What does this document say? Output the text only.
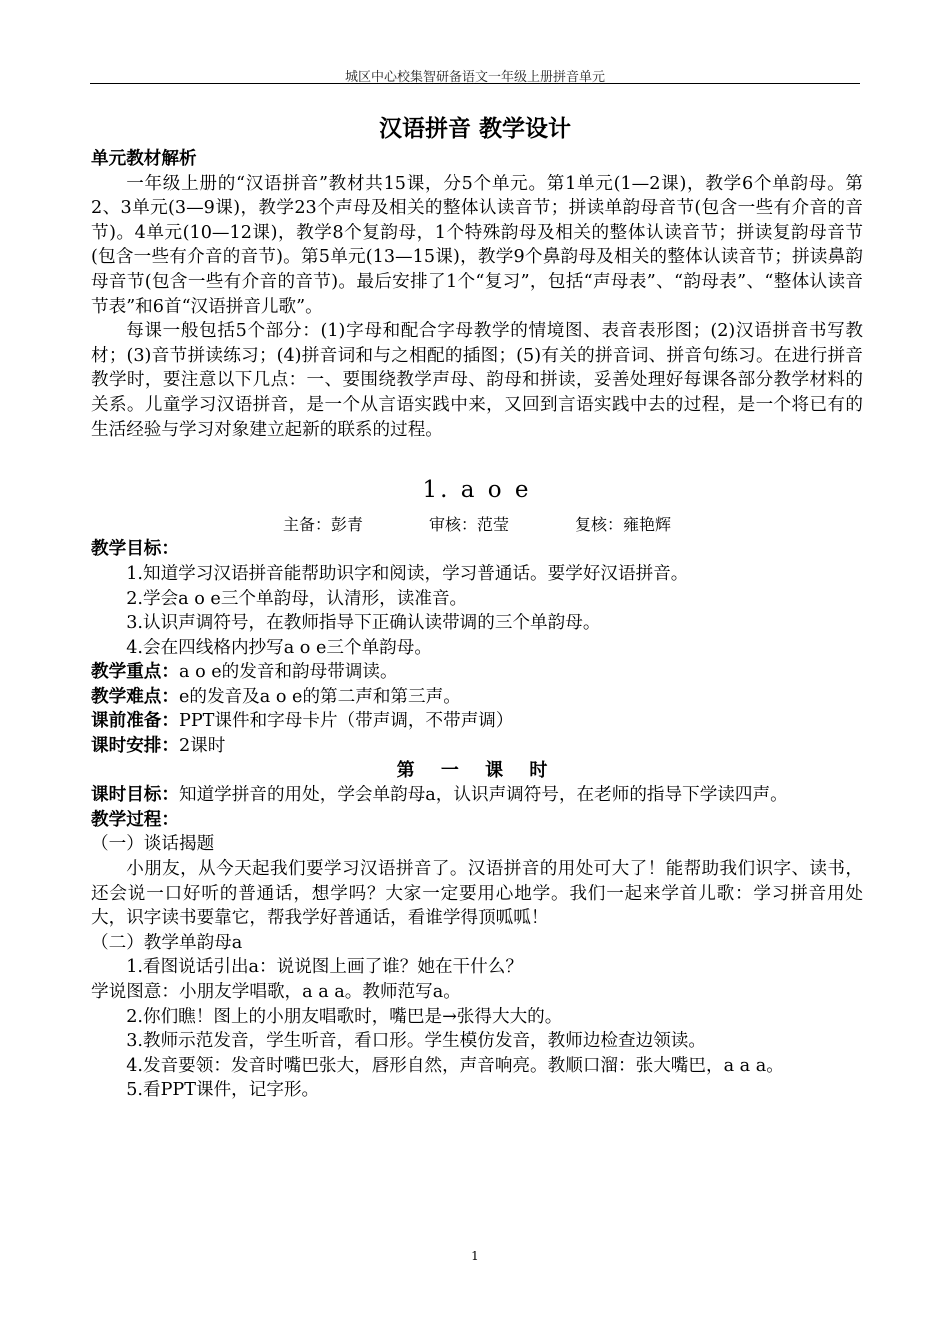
城区中心校集智研备语文一年级上册拼音单元
汉语拼音 教学设计

单元教材解析

一年级上册的“汉语拼音”教材共15课，分5个单元。第1单元(1—2课)，教学6个单韵母。第2、3单元(3—9课)，教学23个声母及相关的整体认读音节；拼读单韵母音节(包含一些有介音的音节)。4单元(10—12课)，教学8个复韵母，1个特殊韵母及相关的整体认读音节；拼读复韵母音节(包含一些有介音的音节)。第5单元(13—15课)，教学9个鼻韵母及相关的整体认读音节；拼读鼻韵母音节(包含一些有介音的音节)。最后安排了1个“复习”，包括“声母表”、“韵母表”、“整体认读音节表”和6首“汉语拼音儿歌”。

每课一般包括5个部分：(1)字母和配合字母教学的情境图、表音表形图；(2)汉语拼音书写教材；(3)音节拼读练习；(4)拼音词和与之相配的插图；(5)有关的拼音词、拼音句练习。在进行拼音教学时，要注意以下几点：一、要围绕教学声母、韵母和拼读，妥善处理好每课各部分教学材料的关系。儿童学习汉语拼音，是一个从言语实践中来，又回到言语实践中去的过程，是一个将已有的生活经验与学习对象建立起新的联系的过程。

1. a o e

主备：彭青	审核：范莹	复核：雍艳辉

教学目标：

1.知道学习汉语拼音能帮助识字和阅读，学习普通话。要学好汉语拼音。

2.学会a o e三个单韵母，认清形，读准音。

3.认识声调符号，在教师指导下正确认读带调的三个单韵母。

4.会在四线格内抄写a o e三个单韵母。

教学重点：a o e的发音和韵母带调读。

教学难点：e的发音及a o e的第二声和第三声。

课前准备：PPT课件和字母卡片（带声调，不带声调）

课时安排：2课时

第 一 课 时

课时目标：知道学拼音的用处，学会单韵母a，认识声调符号，在老师的指导下学读四声。

教学过程：

（一）谈话揭题

小朋友，从今天起我们要学习汉语拼音了。汉语拼音的用处可大了！能帮助我们识字、读书，还会说一口好听的普通话，想学吗？大家一定要用心地学。我们一起来学首儿歌：学习拼音用处大，识字读书要靠它，帮我学好普通话，看谁学得顶呱呱！

（二）教学单韵母a

1.看图说话引出a：说说图上画了谁？她在干什么？

学说图意：小朋友学唱歌，a a a。教师范写a。

2.你们瞧！图上的小朋友唱歌时，嘴巴是→张得大大的。

3.教师示范发音，学生听音，看口形。学生模仿发音，教师边检查边领读。

4.发音要领：发音时嘴巴张大，唇形自然，声音响亮。教顺口溜：张大嘴巴，a a a。

5.看PPT课件，记字形。

1
